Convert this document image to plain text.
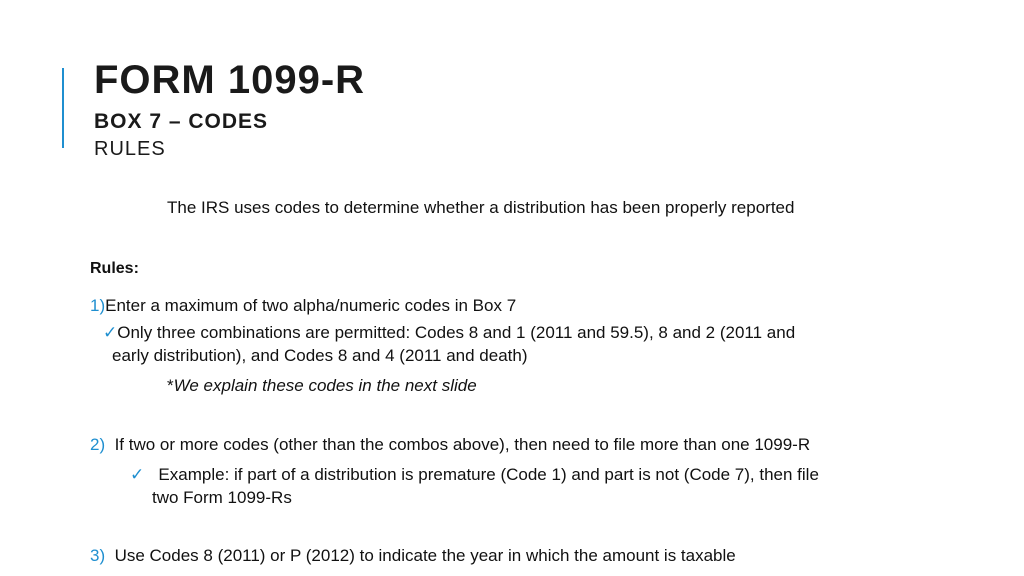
FORM 1099-R
BOX 7 – CODES
RULES
The IRS uses codes to determine whether a distribution has been properly reported
Rules:
1)Enter a maximum of two alpha/numeric codes in Box 7
✓Only three combinations are permitted: Codes 8 and 1 (2011 and 59.5), 8 and 2 (2011 and
early distribution), and Codes 8 and 4 (2011 and death)
*We explain these codes in the next slide
2) If two or more codes (other than the combos above), then need to file more than one 1099-R
✓ Example: if part of a distribution is premature (Code 1) and part is not (Code 7), then file
two Form 1099-Rs
3) Use Codes 8 (2011) or P (2012) to indicate the year in which the amount is taxable
